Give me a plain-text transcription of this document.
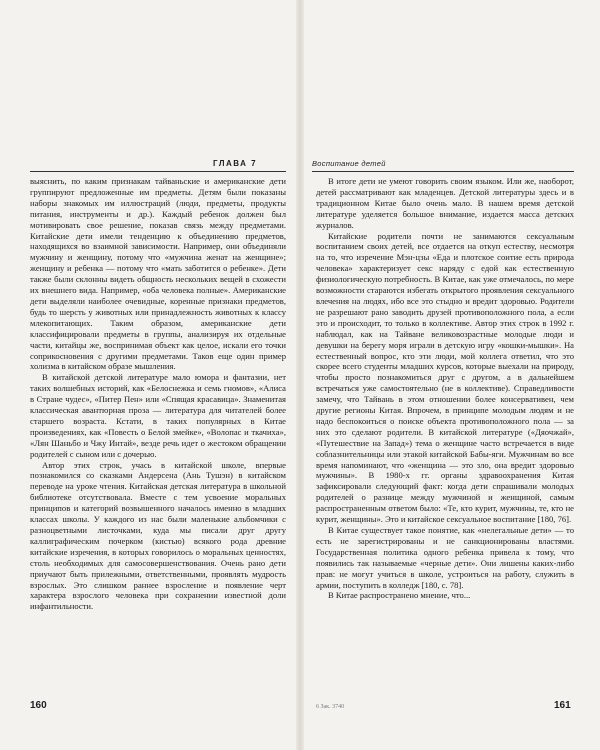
ГЛАВА 7

выяснить, по каким признакам тайваньские и американские дети группируют предложенные им предметы. Детям были показаны наборы знакомых им иллюстраций (люди, предметы, продукты питания, инструменты и др.). Каждый ребенок должен был мотивировать свое решение, показав связь между предметами. Китайские дети имели тенденцию к объединению предметов, находящихся во взаимной зависимости. Например, они объединяли мужчину и женщину, потому что «мужчина женат на женщине»; женщину и ребенка — потому что «мать заботится о ребенке». Дети также были склонны видеть общность нескольких вещей в схожести их внешнего вида. Например, «оба человека полные». Американские дети выделяли наиболее очевидные, коренные признаки предметов, будь то шерсть у животных или принадлежность животных к классу млекопитающих. Таким образом, американские дети классифицировали предметы в группы, анализируя их отдельные части, китайцы же, воспринимая объект как целое, искали его точки соприкосновения с другими предметами. Таков еще один пример холизма в китайском образе мышления.

В китайской детской литературе мало юмора и фантазии, нет таких волшебных историй, как «Белоснежка и семь гномов», «Алиса в Стране чудес», «Питер Пен» или «Спящая красавица». Знаменитая классическая авантюрная проза — литература для читателей более старшего возраста. Кстати, в таких популярных в Китае произведениях, как «Повесть о Белой змейке», «Волопас и ткачиха», «Лян Шаньбо и Чжу Интай», везде речь идет о жестоком обращении родителей с сыном или с дочерью.

Автор этих строк, учась в китайской школе, впервые познакомился со сказками Андерсена (Ань Тушэн) в китайском переводе на уроке чтения. Китайская детская литература в школьной библиотеке отсутствовала. Вместе с тем усвоение моральных принципов и категорий возвышенного началось именно в младших классах школы. У каждого из нас были маленькие альбомчики с разноцветными листочками, куда мы писали друг другу каллиграфическим почерком (кистью) всякого рода древние китайские изречения, в которых говорилось о моральных ценностях, столь необходимых для самосовершенствования. Очень рано дети приучают быть прилежными, ответственными, проявлять мудрость взрослых. Это слишком раннее взросление и появление черт характера взрослого человека при сохранении известной доли инфантильности.

160
Воспитание детей

В итоге дети не умеют говорить своим языком. Или же, наоборот, детей рассматривают как младенцев. Детской литературы здесь и в традиционном Китае было очень мало. В нашем время детской литературе уделяется большое внимание, издается масса детских журналов.

Китайские родители почти не занимаются сексуальным воспитанием своих детей, все отдается на откуп естеству, несмотря на то, что изречение Мэн-цзы «Еда и плотское соитие есть природа человека» характеризует секс наряду с едой как естественную физиологическую потребность. В Китае, как уже отмечалось, по мере возможности стараются избегать открытого проявления сексуального влечения на людях, ибо все это стыдно и вредит здоровью. Родители не разрешают рано заводить друзей противоположного пола, а если это и происходит, то только в коллективе. Автор этих строк в 1992 г. наблюдал, как на Тайване великовозрастные молодые люди и девушки на берегу моря играли в детскую игру «кошки-мышки». На естественный вопрос, кто эти люди, мой коллега ответил, что это скорее всего студенты младших курсов, которые выехали на природу, чтобы просто познакомиться друг с другом, а в дальнейшем встречаться уже самостоятельно (не в коллективе). Справедливости замечу, что Тайвань в этом отношении более консервативен, чем другие регионы Китая. Впрочем, в принципе молодым людям и не надо беспокоиться о поиске объекта противоположного пола — за них это сделают родители. В китайской литературе («Дяочжай», «Путешествие на Запад») тема о женщине часто встречается в виде соблазнительницы или этакой китайской Бабы-яги. Мужчинам во все время напоминают, что «женщина — это зло, она вредит здоровью мужчины». В 1980-х гг. органы здравоохранения Китая зафиксировали следующий факт: когда дети спрашивали молодых родителей о разнице между мужчиной и женщиной, самым распространенным ответом было: «Те, кто курит, мужчины, те, кто не курит, женщины». Это и китайское сексуальное воспитание [180, 76].

В Китае существует такое понятие, как «нелегальные дети» — то есть не зарегистрированы и не санкционированы властями. Государственная политика одного ребенка привела к тому, что появились так называемые «черные дети». Они лишены каких-либо прав: не могут учиться в школе, устроиться на работу, служить в армии, поступить в колледж [180, с. 78].

В Китае распространено мнение, что...

6 Зак. 3740	161
